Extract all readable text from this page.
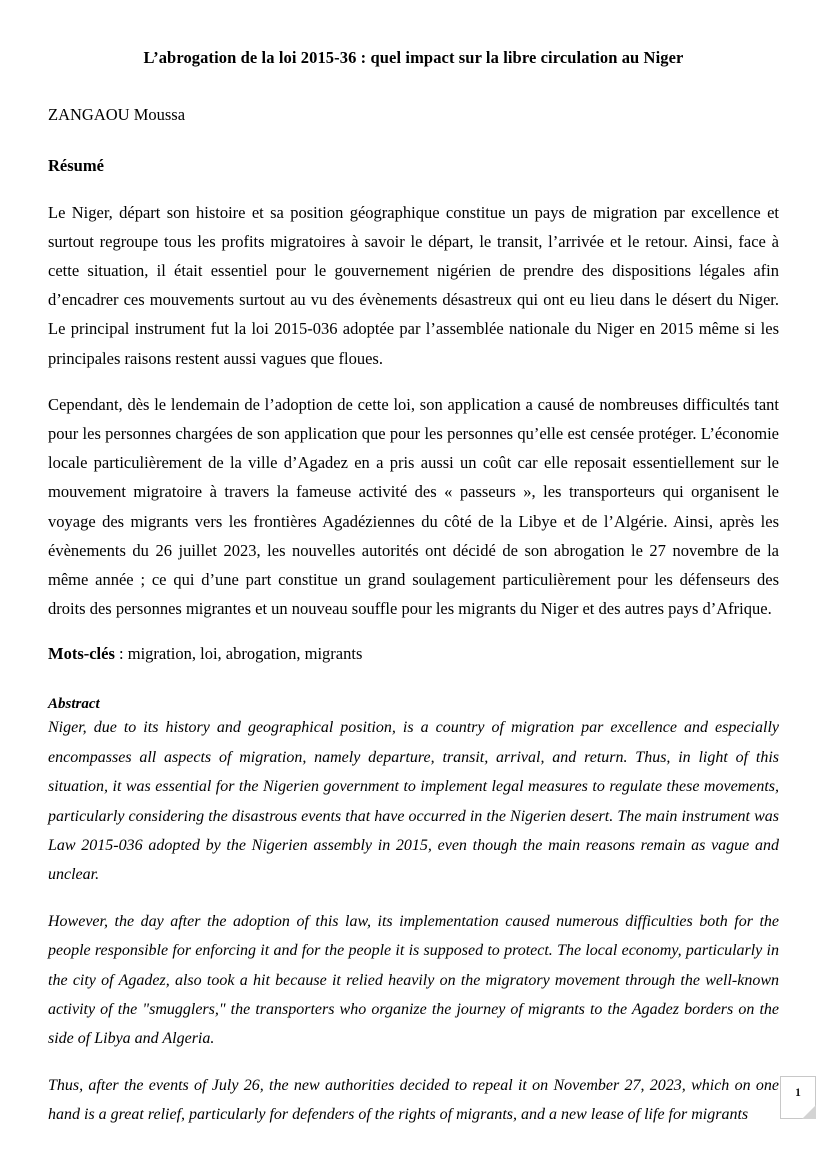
L’abrogation de la loi 2015-36 : quel impact sur la libre circulation au Niger

ZANGAOU Moussa

Résumé

Le Niger, départ son histoire et sa position géographique constitue un pays de migration par excellence et surtout regroupe tous les profits migratoires à savoir le départ, le transit, l’arrivée et le retour. Ainsi, face à cette situation, il était essentiel pour le gouvernement nigérien de prendre des dispositions légales afin d’encadrer ces mouvements surtout au vu des évènements désastreux qui ont eu lieu dans le désert du Niger. Le principal instrument fut la loi 2015-036 adoptée par l’assemblée nationale du Niger en 2015 même si les principales raisons restent aussi vagues que floues.

Cependant, dès le lendemain de l’adoption de cette loi, son application a causé de nombreuses difficultés tant pour les personnes chargées de son application que pour les personnes qu’elle est censée protéger. L’économie locale particulièrement de la ville d’Agadez en a pris aussi un coût car elle reposait essentiellement sur le mouvement migratoire à travers la fameuse activité des « passeurs », les transporteurs qui organisent le voyage des migrants vers les frontières Agadéziennes du côté de la Libye et de l’Algérie. Ainsi, après les évènements du 26 juillet 2023, les nouvelles autorités ont décidé de son abrogation le 27 novembre de la même année ; ce qui d’une part constitue un grand soulagement particulièrement pour les défenseurs des droits des personnes migrantes et un nouveau souffle pour les migrants du Niger et des autres pays d’Afrique.

Mots-clés : migration, loi, abrogation, migrants

Abstract

Niger, due to its history and geographical position, is a country of migration par excellence and especially encompasses all aspects of migration, namely departure, transit, arrival, and return. Thus, in light of this situation, it was essential for the Nigerien government to implement legal measures to regulate these movements, particularly considering the disastrous events that have occurred in the Nigerien desert. The main instrument was Law 2015-036 adopted by the Nigerien assembly in 2015, even though the main reasons remain as vague and unclear.

However, the day after the adoption of this law, its implementation caused numerous difficulties both for the people responsible for enforcing it and for the people it is supposed to protect. The local economy, particularly in the city of Agadez, also took a hit because it relied heavily on the migratory movement through the well-known activity of the "smugglers," the transporters who organize the journey of migrants to the Agadez borders on the side of Libya and Algeria.

Thus, after the events of July 26, the new authorities decided to repeal it on November 27, 2023, which on one hand is a great relief, particularly for defenders of the rights of migrants, and a new lease of life for migrants

1
